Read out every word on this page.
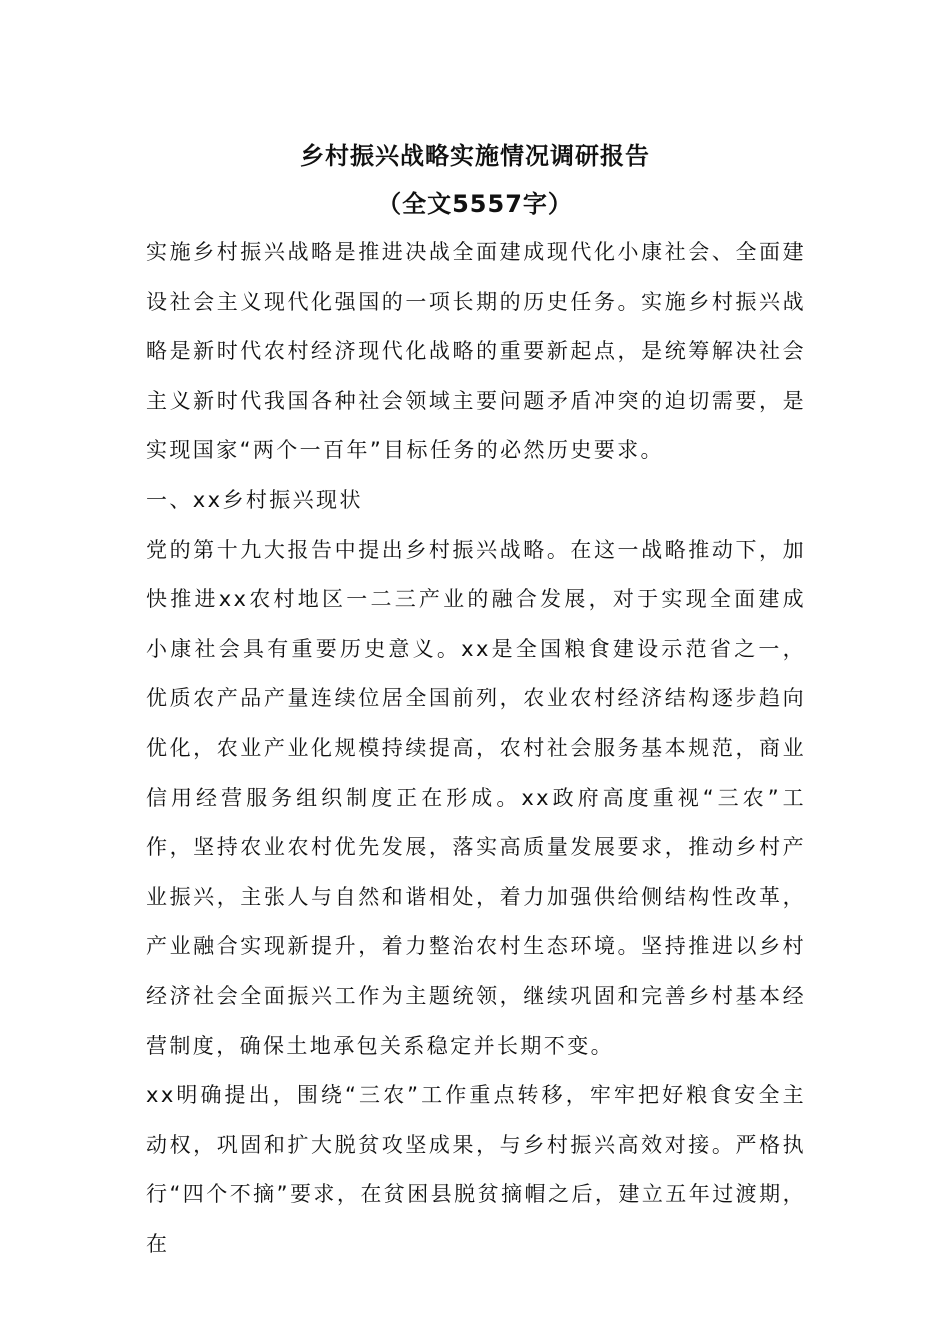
乡村振兴战略实施情况调研报告
（全文5557字）

实施乡村振兴战略是推进决战全面建成现代化小康社会、全面建设社会主义现代化强国的一项长期的历史任务。实施乡村振兴战略是新时代农村经济现代化战略的重要新起点，是统筹解决社会主义新时代我国各种社会领域主要问题矛盾冲突的迫切需要，是实现国家“两个一百年”目标任务的必然历史要求。

一、xx乡村振兴现状

党的第十九大报告中提出乡村振兴战略。在这一战略推动下，加快推进xx农村地区一二三产业的融合发展，对于实现全面建成小康社会具有重要历史意义。xx是全国粮食建设示范省之一，优质农产品产量连续位居全国前列，农业农村经济结构逐步趋向优化，农业产业化规模持续提高，农村社会服务基本规范，商业信用经营服务组织制度正在形成。xx政府高度重视“三农”工作，坚持农业农村优先发展，落实高质量发展要求，推动乡村产业振兴，主张人与自然和谐相处，着力加强供给侧结构性改革，产业融合实现新提升，着力整治农村生态环境。坚持推进以乡村经济社会全面振兴工作为主题统领，继续巩固和完善乡村基本经营制度，确保土地承包关系稳定并长期不变。

xx明确提出，围绕“三农”工作重点转移，牢牢把好粮食安全主动权，巩固和扩大脱贫攻坚成果，与乡村振兴高效对接。严格执行“四个不摘”要求，在贫困县脱贫摘帽之后，建立五年过渡期，在
